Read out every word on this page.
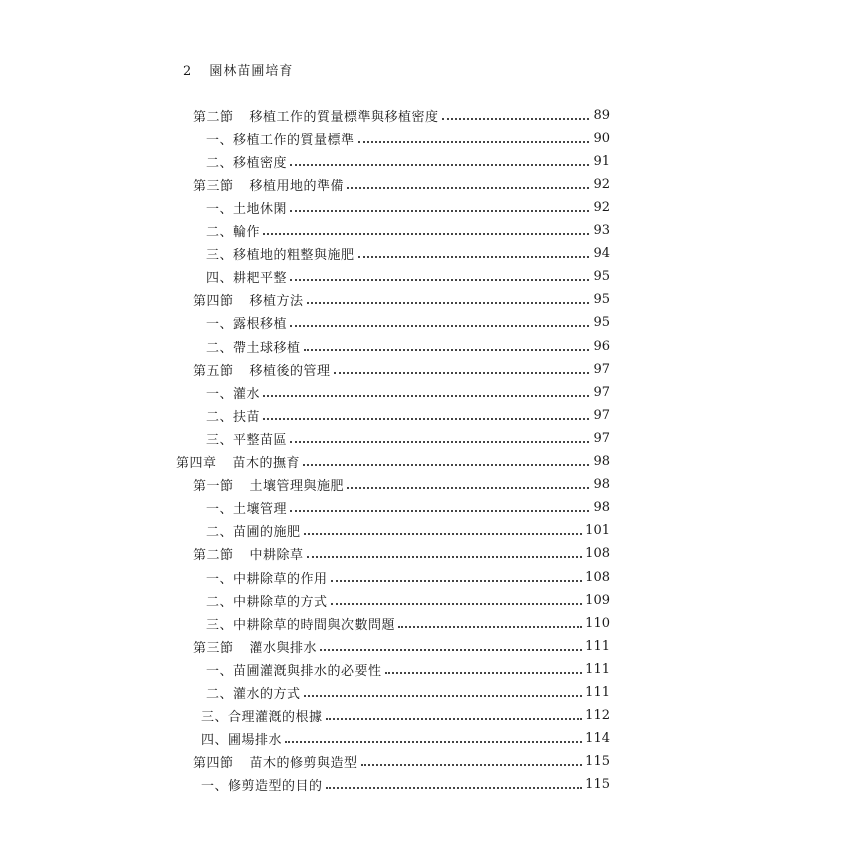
2 園林苗圃培育
第二節 移植工作的質量標準與移植密度	89
一、移植工作的質量標準	90
二、移植密度	91
第三節 移植用地的準備	92
一、土地休閑	92
二、輪作	93
三、移植地的粗整與施肥	94
四、耕耙平整	95
第四節 移植方法	95
一、露根移植	95
二、帶土球移植	96
第五節 移植後的管理	97
一、灌水	97
二、扶苗	97
三、平整苗區	97
第四章 苗木的撫育	98
第一節 土壤管理與施肥	98
一、土壤管理	98
二、苗圃的施肥	101
第二節 中耕除草	108
一、中耕除草的作用	108
二、中耕除草的方式	109
三、中耕除草的時間與次數問題	110
第三節 灌水與排水	111
一、苗圃灌漑與排水的必要性	111
二、灌水的方式	111
三、合理灌漑的根據	112
四、圃場排水	114
第四節 苗木的修剪與造型	115
一、修剪造型的目的	115
